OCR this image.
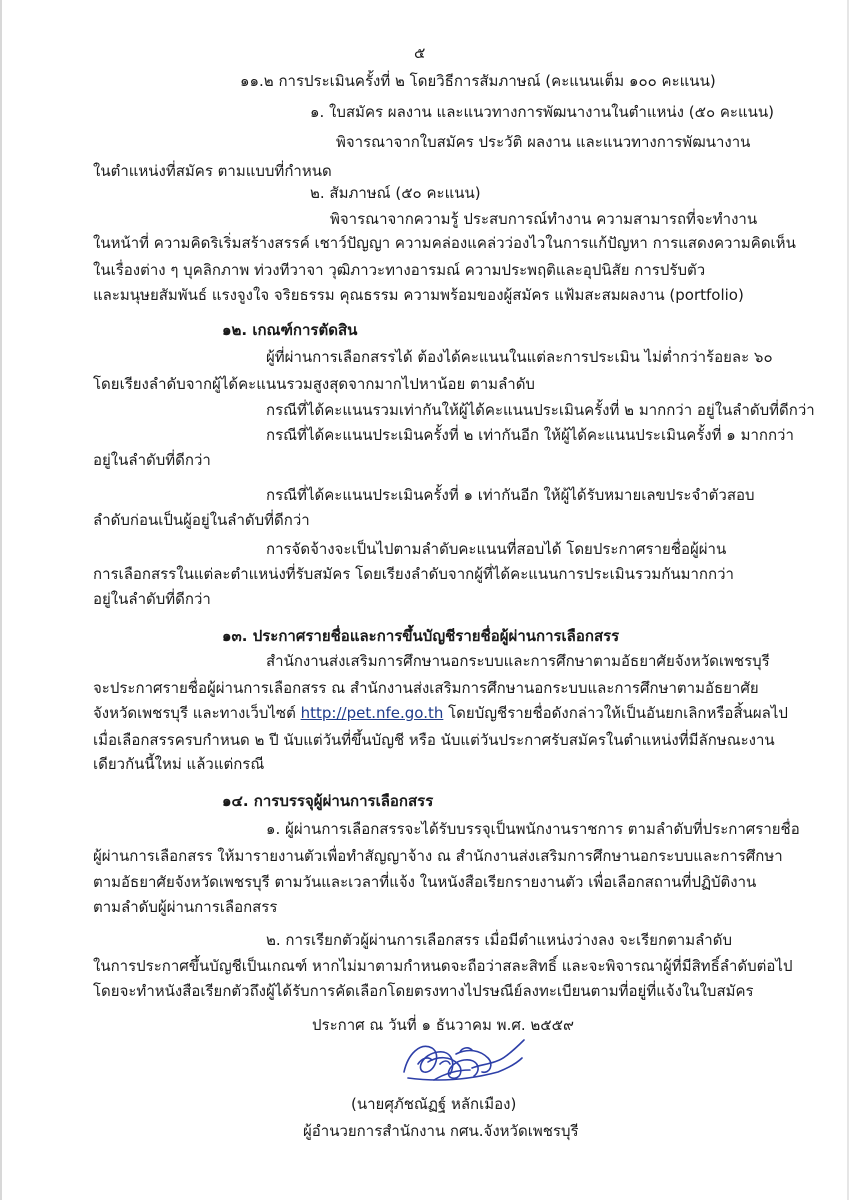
๕
๑๑.๒ การประเมินครั้งที่ ๒ โดยวิธีการสัมภาษณ์ (คะแนนเต็ม ๑๐๐ คะแนน)
๑. ใบสมัคร ผลงาน และแนวทางการพัฒนางานในตำแหน่ง (๕๐ คะแนน)
พิจารณาจากใบสมัคร ประวัติ ผลงาน และแนวทางการพัฒนางาน
ในตำแหน่งที่สมัคร ตามแบบที่กำหนด
๒. สัมภาษณ์ (๕๐ คะแนน)
พิจารณาจากความรู้ ประสบการณ์ทำงาน ความสามารถที่จะทำงาน
ในหน้าที่ ความคิดริเริ่มสร้างสรรค์ เชาว์ปัญญา ความคล่องแคล่วว่องไวในการแก้ปัญหา การแสดงความคิดเห็น
ในเรื่องต่าง ๆ บุคลิกภาพ ท่วงทีวาจา วุฒิภาวะทางอารมณ์ ความประพฤติและอุปนิสัย การปรับตัว
และมนุษยสัมพันธ์ แรงจูงใจ จริยธรรม คุณธรรม ความพร้อมของผู้สมัคร แฟ้มสะสมผลงาน (portfolio)
๑๒. เกณฑ์การตัดสิน
ผู้ที่ผ่านการเลือกสรรได้ ต้องได้คะแนนในแต่ละการประเมิน ไม่ต่ำกว่าร้อยละ ๖๐
โดยเรียงลำดับจากผู้ได้คะแนนรวมสูงสุดจากมากไปหาน้อย ตามลำดับ
กรณีที่ได้คะแนนรวมเท่ากันให้ผู้ได้คะแนนประเมินครั้งที่ ๒ มากกว่า อยู่ในลำดับที่ดีกว่า
กรณีที่ได้คะแนนประเมินครั้งที่ ๒ เท่ากันอีก ให้ผู้ได้คะแนนประเมินครั้งที่ ๑ มากกว่า
อยู่ในลำดับที่ดีกว่า
กรณีที่ได้คะแนนประเมินครั้งที่ ๑ เท่ากันอีก ให้ผู้ได้รับหมายเลขประจำตัวสอบ
ลำดับก่อนเป็นผู้อยู่ในลำดับที่ดีกว่า
การจัดจ้างจะเป็นไปตามลำดับคะแนนที่สอบได้ โดยประกาศรายชื่อผู้ผ่าน
การเลือกสรรในแต่ละตำแหน่งที่รับสมัคร โดยเรียงลำดับจากผู้ที่ได้คะแนนการประเมินรวมกันมากกว่า
อยู่ในลำดับที่ดีกว่า
๑๓. ประกาศรายชื่อและการขึ้นบัญชีรายชื่อผู้ผ่านการเลือกสรร
สำนักงานส่งเสริมการศึกษานอกระบบและการศึกษาตามอัธยาศัยจังหวัดเพชรบุรี
จะประกาศรายชื่อผู้ผ่านการเลือกสรร ณ สำนักงานส่งเสริมการศึกษานอกระบบและการศึกษาตามอัธยาศัย
จังหวัดเพชรบุรี และทางเว็บไซต์ http://pet.nfe.go.th โดยบัญชีรายชื่อดังกล่าวให้เป็นอันยกเลิกหรือสิ้นผลไป
เมื่อเลือกสรรครบกำหนด ๒ ปี นับแต่วันที่ขึ้นบัญชี หรือ นับแต่วันประกาศรับสมัครในตำแหน่งที่มีลักษณะงาน
เดียวกันนี้ใหม่ แล้วแต่กรณี
๑๔. การบรรจุผู้ผ่านการเลือกสรร
๑. ผู้ผ่านการเลือกสรรจะได้รับบรรจุเป็นพนักงานราชการ ตามลำดับที่ประกาศรายชื่อ
ผู้ผ่านการเลือกสรร ให้มารายงานตัวเพื่อทำสัญญาจ้าง ณ สำนักงานส่งเสริมการศึกษานอกระบบและการศึกษา
ตามอัธยาศัยจังหวัดเพชรบุรี ตามวันและเวลาที่แจ้ง ในหนังสือเรียกรายงานตัว เพื่อเลือกสถานที่ปฏิบัติงาน
ตามลำดับผู้ผ่านการเลือกสรร
๒. การเรียกตัวผู้ผ่านการเลือกสรร เมื่อมีตำแหน่งว่างลง จะเรียกตามลำดับ
ในการประกาศขึ้นบัญชีเป็นเกณฑ์ หากไม่มาตามกำหนดจะถือว่าสละสิทธิ์ และจะพิจารณาผู้ที่มีสิทธิ์ลำดับต่อไป
โดยจะทำหนังสือเรียกตัวถึงผู้ได้รับการคัดเลือกโดยตรงทางไปรษณีย์ลงทะเบียนตามที่อยู่ที่แจ้งในใบสมัคร
ประกาศ ณ วันที่ ๑ ธันวาคม พ.ศ. ๒๕๕๙
(นายศุภัชณัฏฐ์ หลักเมือง)
ผู้อำนวยการสำนักงาน กศน.จังหวัดเพชรบุรี
